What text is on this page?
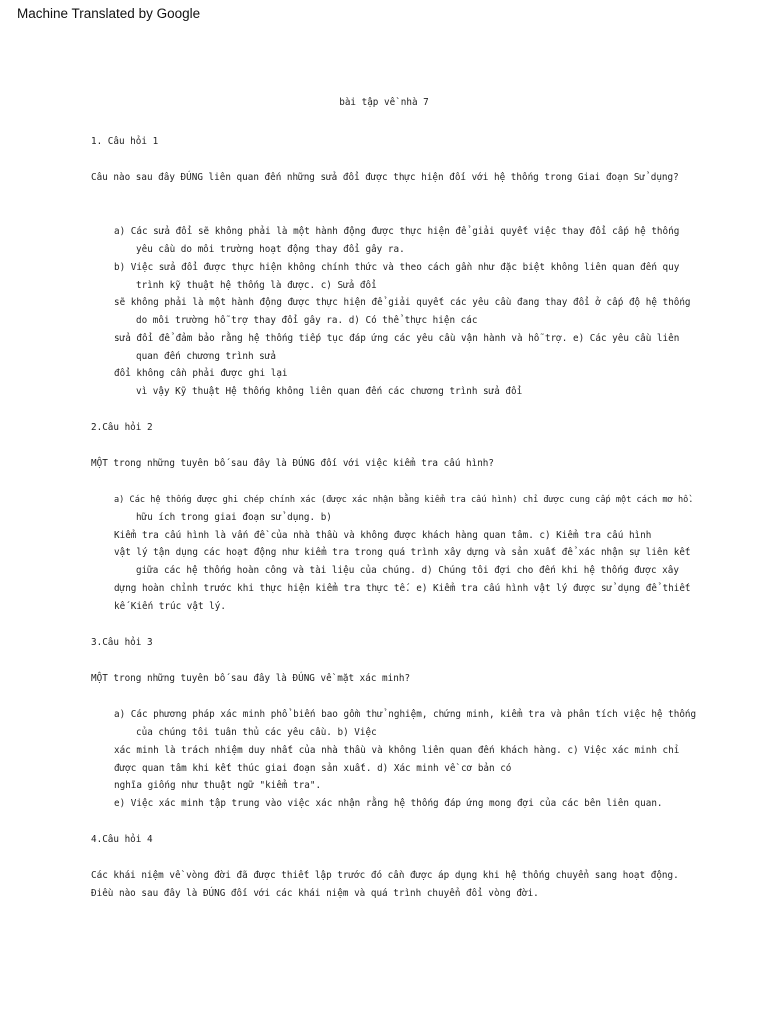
Machine Translated by Google
bài tập về nhà 7
1. Câu hỏi 1
Câu nào sau đây ĐÚNG liên quan đến những sửa đổi được thực hiện đối với hệ thống trong Giai đoạn Sử dụng?
a) Các sửa đổi sẽ không phải là một hành động được thực hiện để giải quyết việc thay đổi cấp hệ thống
yêu cầu do môi trường hoạt động thay đổi gây ra.
b) Việc sửa đổi được thực hiện không chính thức và theo cách gần như đặc biệt không liên quan đến quy
trình kỹ thuật hệ thống là được. c) Sửa đổi
sẽ không phải là một hành động được thực hiện để giải quyết các yêu cầu đang thay đổi ở cấp độ hệ thống
do môi trường hỗ trợ thay đổi gây ra. d) Có thể thực hiện các
sửa đổi để đảm bảo rằng hệ thống tiếp tục đáp ứng các yêu cầu vận hành và hỗ trợ. e) Các yêu cầu liên
quan đến chương trình sửa
đổi không cần phải được ghi lại
vì vậy Kỹ thuật Hệ thống không liên quan đến các chương trình sửa đổi
2.Câu hỏi 2
MỘT trong những tuyên bố sau đây là ĐÚNG đối với việc kiểm tra cấu hình?
a) Các hệ thống được ghi chép chính xác (được xác nhận bằng kiểm tra cấu hình) chỉ được cung cấp một cách mơ hồ.
hữu ích trong giai đoạn sử dụng. b)
Kiểm tra cấu hình là vấn đề của nhà thầu và không được khách hàng quan tâm. c) Kiểm tra cấu hình
vật lý tận dụng các hoạt động như kiểm tra trong quá trình xây dựng và sản xuất để xác nhận sự liên kết
giữa các hệ thống hoàn công và tài liệu của chúng. d) Chúng tôi đợi cho đến khi hệ thống được xây
dựng hoàn chỉnh trước khi thực hiện kiểm tra thực tế. e) Kiểm tra cấu hình vật lý được sử dụng để thiết
kế Kiến trúc vật lý.
3.Câu hỏi 3
MỘT trong những tuyên bố sau đây là ĐÚNG về mặt xác minh?
a) Các phương pháp xác minh phổ biến bao gồm thử nghiệm, chứng minh, kiểm tra và phân tích việc hệ thống
của chúng tôi tuân thủ các yêu cầu. b) Việc
xác minh là trách nhiệm duy nhất của nhà thầu và không liên quan đến khách hàng. c) Việc xác minh chỉ
được quan tâm khi kết thúc giai đoạn sản xuất. d) Xác minh về cơ bản có
nghĩa giống như thuật ngữ "kiểm tra".
e) Việc xác minh tập trung vào việc xác nhận rằng hệ thống đáp ứng mong đợi của các bên liên quan.
4.Câu hỏi 4
Các khái niệm về vòng đời đã được thiết lập trước đó cần được áp dụng khi hệ thống chuyển sang hoạt động.
Điều nào sau đây là ĐÚNG đối với các khái niệm và quá trình chuyển đổi vòng đời.
